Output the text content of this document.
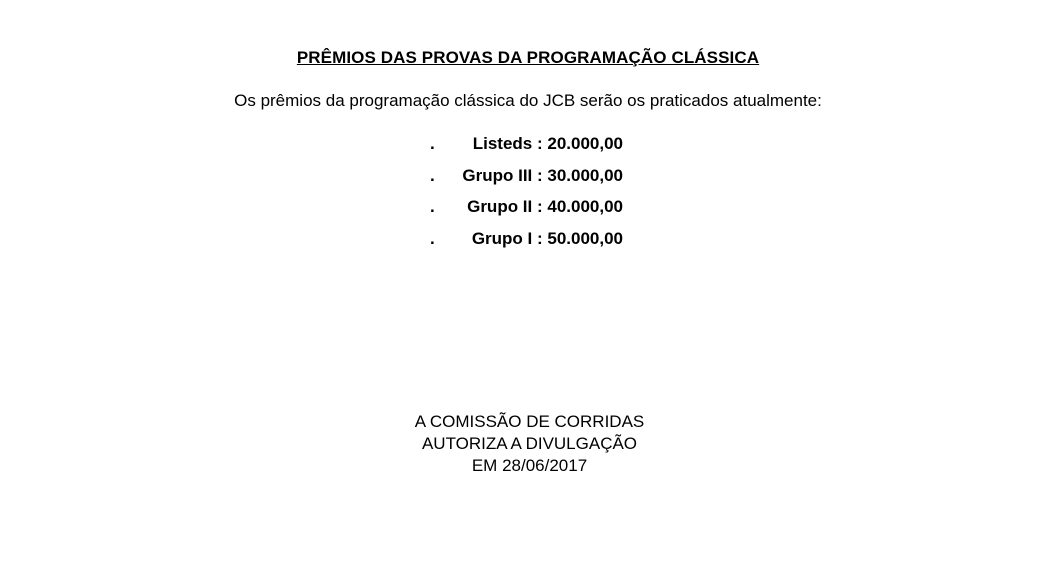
PRÊMIOS DAS PROVAS DA PROGRAMAÇÃO CLÁSSICA
Os prêmios da programação clássica do JCB serão os praticados atualmente:
. Listeds : 20.000,00
. Grupo III : 30.000,00
. Grupo II : 40.000,00
. Grupo I : 50.000,00
A COMISSÃO DE CORRIDAS
AUTORIZA A DIVULGAÇÃO
EM 28/06/2017
